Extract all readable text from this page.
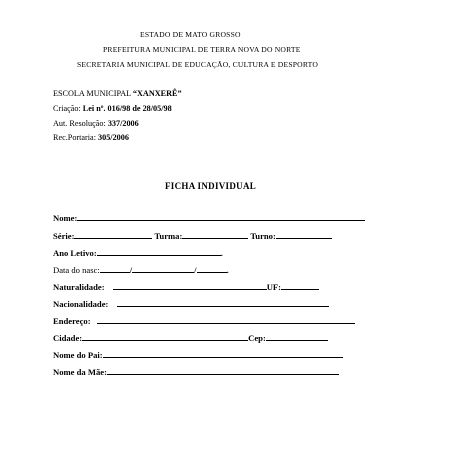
ESTADO DE MATO GROSSO
PREFEITURA MUNICIPAL DE TERRA NOVA DO NORTE
SECRETARIA MUNICIPAL DE EDUCAÇÃO, CULTURA E DESPORTO
ESCOLA MUNICIPAL “XANXERÊ”
Criação: Lei nº. 016/98 de 28/05/98
Aut. Resolução: 337/2006
Rec.Portaria: 305/2006
FICHA INDIVIDUAL
Nome:
Série:	Turma:	Turno:
Ano Letivo:	.
Data do nasc:	/	/	.
Naturalidade:	UF:
Nacionalidade:
Endereço:
Cidade:	Cep:
Nome do Pai:
Nome da Mãe:
